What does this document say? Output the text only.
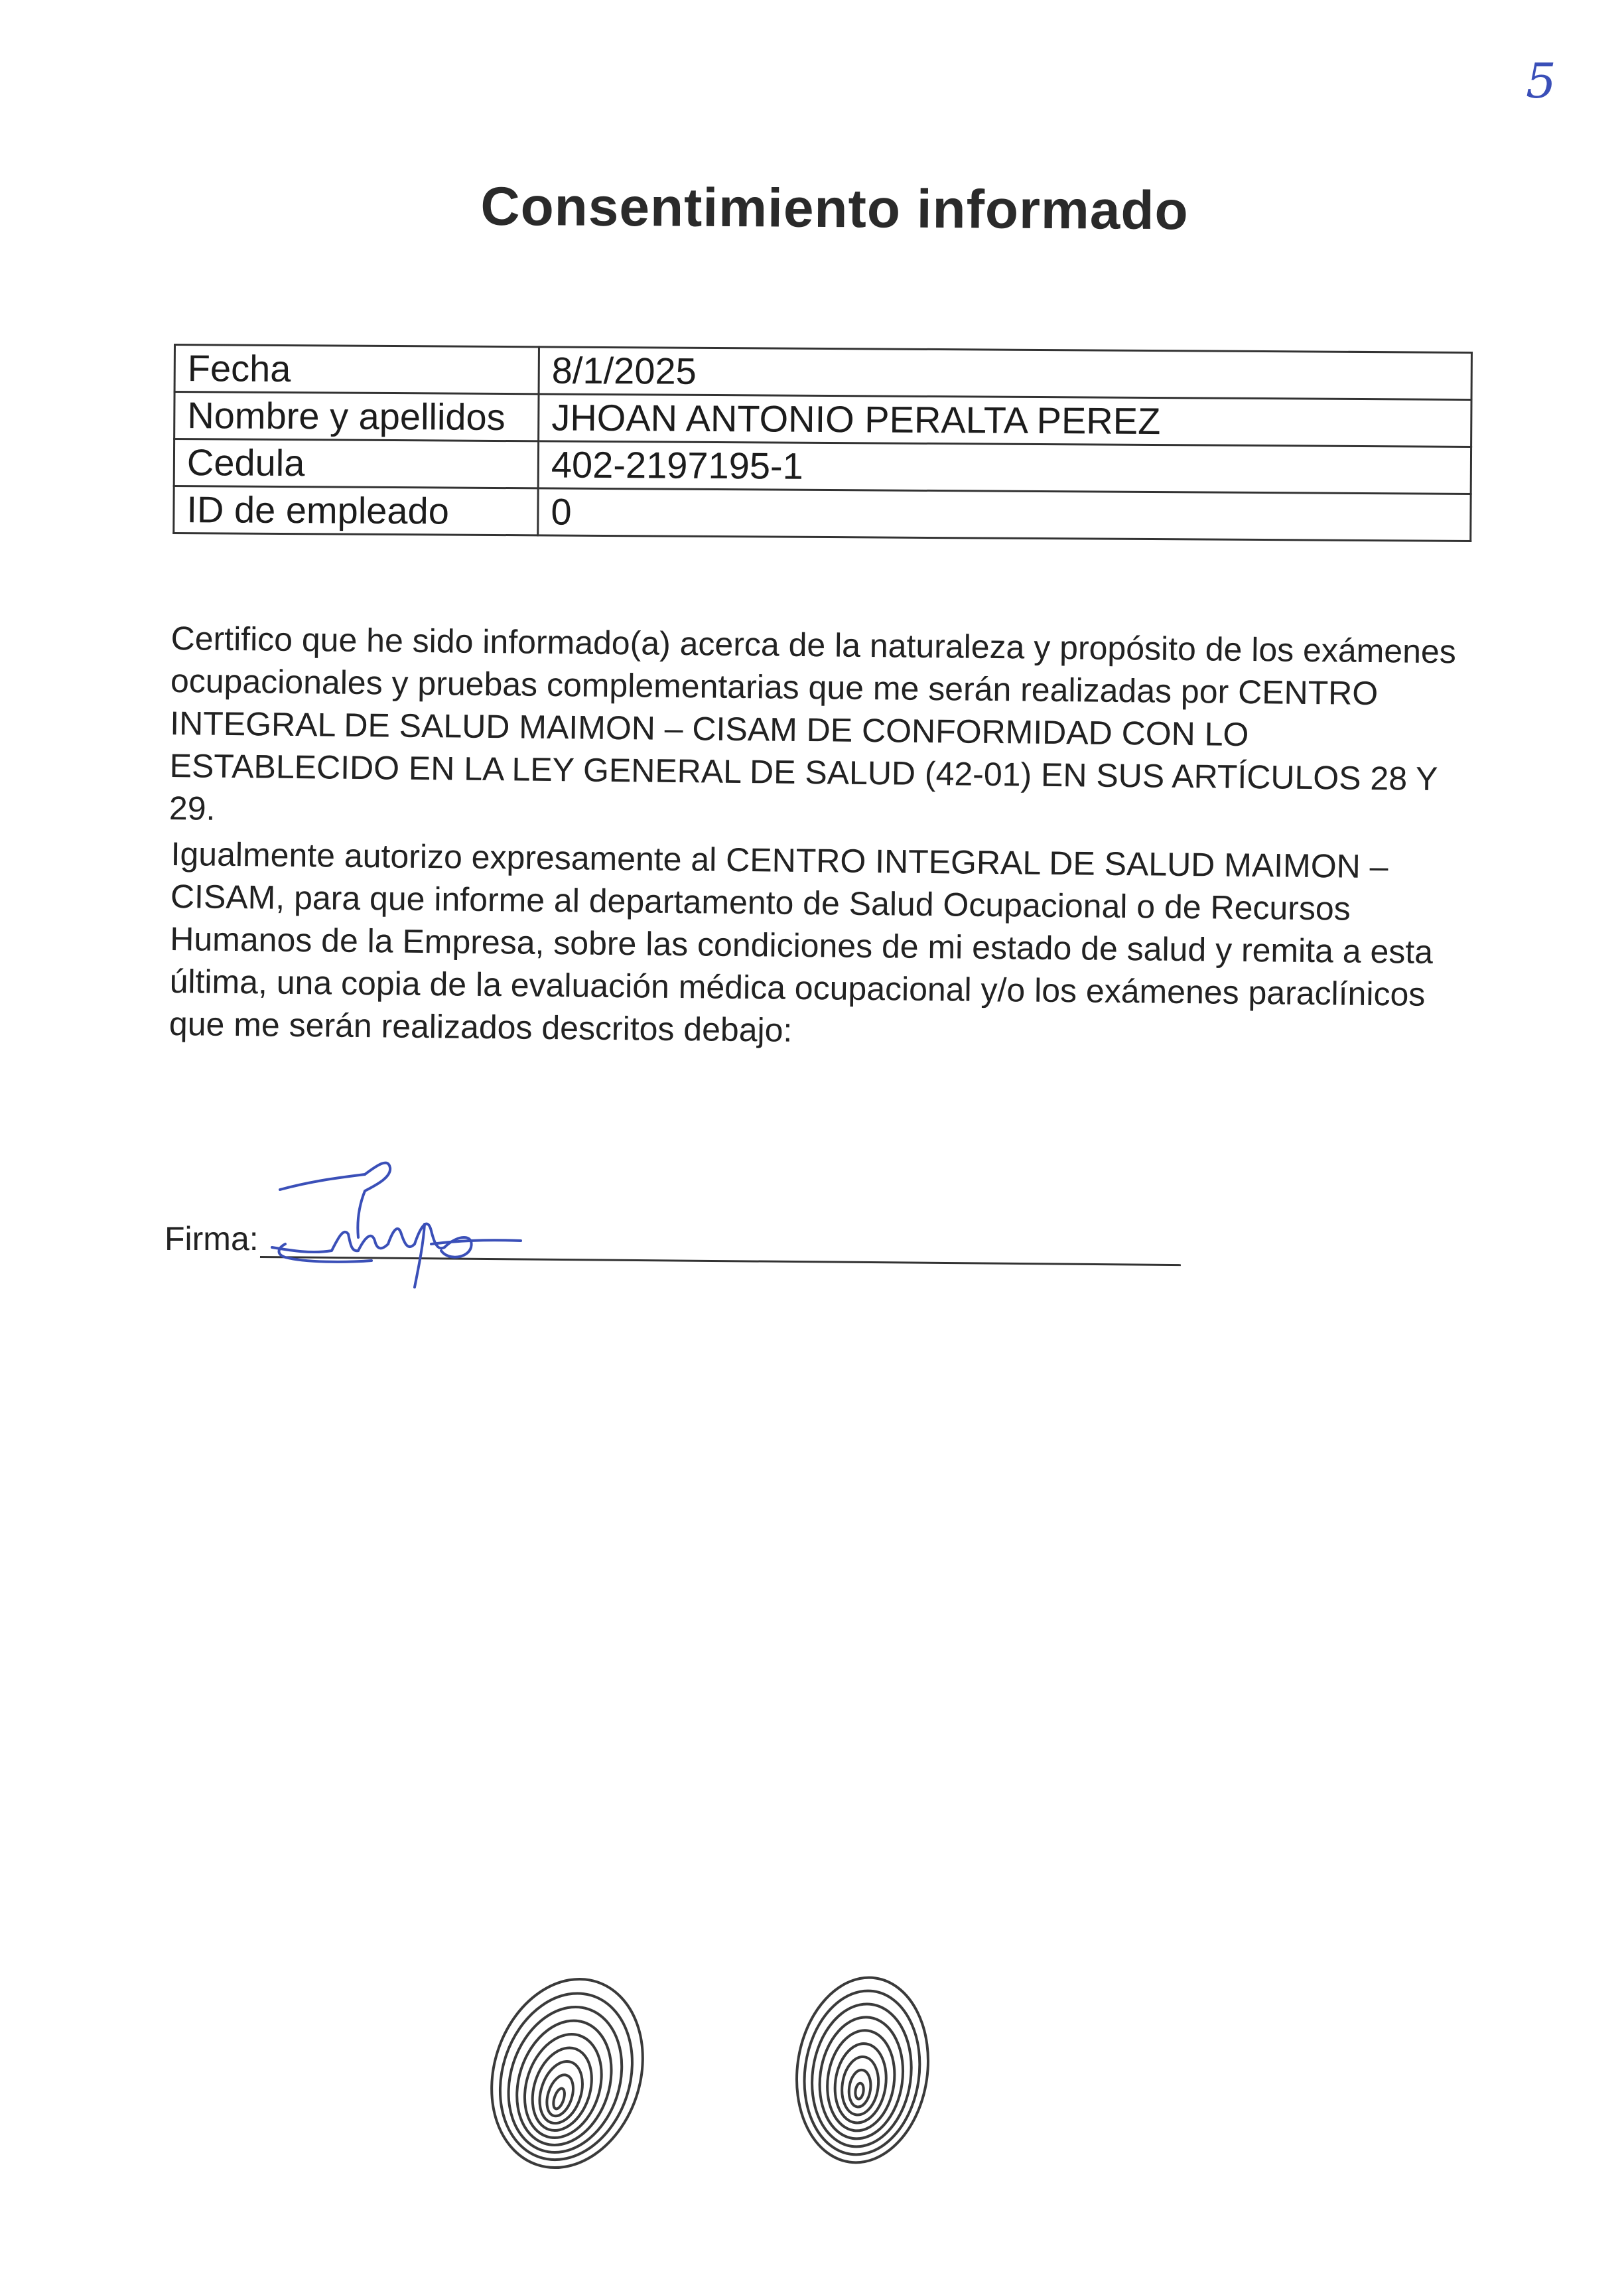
5
Consentimiento informado
Fecha	8/1/2025
Nombre y apellidos	JHOAN ANTONIO PERALTA PEREZ
Cedula	402-2197195-1
ID de empleado	0

Certifico que he sido informado(a) acerca de la naturaleza y propósito de los exámenes ocupacionales y pruebas complementarias que me serán realizadas por CENTRO INTEGRAL DE SALUD MAIMON – CISAM DE CONFORMIDAD CON LO ESTABLECIDO EN LA LEY GENERAL DE SALUD (42-01) EN SUS ARTÍCULOS 28 Y 29.

Igualmente autorizo expresamente al CENTRO INTEGRAL DE SALUD MAIMON – CISAM, para que informe al departamento de Salud Ocupacional o de Recursos Humanos de la Empresa, sobre las condiciones de mi estado de salud y remita a esta última, una copia de la evaluación médica ocupacional y/o los exámenes paraclínicos que me serán realizados descritos debajo:

Firma:
